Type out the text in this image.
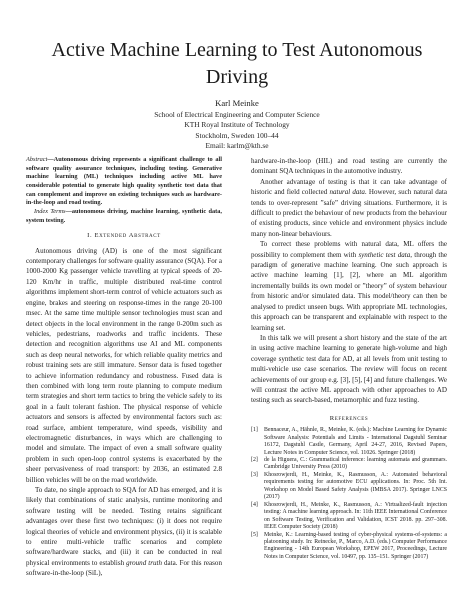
Active Machine Learning to Test Autonomous Driving
Karl Meinke
School of Electrical Engineering and Computer Science
KTH Royal Institute of Technology
Stockholm, Sweden 100–44
Email: karlm@kth.se
Abstract—Autonomous driving represents a significant challenge to all software quality assurance techniques, including testing. Generative machine learning (ML) techniques including active ML have considerable potential to generate high quality synthetic test data that can complement and improve on existing techniques such as hardware-in-the-loop and road testing.
Index Terms—autonomous driving, machine learning, synthetic data, system testing.
I. Extended Abstract

Autonomous driving (AD) is one of the most significant contemporary challenges for software quality assurance (SQA). For a 1000-2000 Kg passenger vehicle travelling at typical speeds of 20-120 Km/hr in traffic, multiple distributed real-time control algorithms implement short-term control of vehicle actuators such as engine, brakes and steering on response-times in the range 20-100 msec. At the same time multiple sensor technologies must scan and detect objects in the local environment in the range 0-200m such as vehicles, pedestrians, roadworks and traffic incidents. These detection and recognition algorithms use AI and ML components such as deep neural networks, for which reliable quality metrics and robust training sets are still immature. Sensor data is fused together to achieve information redundancy and robustness. Fused data is then combined with long term route planning to compute medium term strategies and short term tactics to bring the vehicle safely to its goal in a fault tolerant fashion. The physical response of vehicle actuators and sensors is affected by environmental factors such as: road surface, ambient temperature, wind speeds, visibility and electromagnetic disturbances, in ways which are challenging to model and simulate. The impact of even a small software quality problem in such open-loop control systems is exacerbated by the sheer pervasiveness of road transport: by 2036, an estimated 2.8 billion vehicles will be on the road worldwide.

To date, no single approach to SQA for AD has emerged, and it is likely that combinations of static analysis, runtime monitoring and software testing will be needed. Testing retains significant advantages over these first two techniques: (i) it does not require logical theories of vehicle and environment physics, (ii) it is scalable to entire multi-vehicle traffic scenarios and complete software/hardware stacks, and (iii) it can be conducted in real physical environments to establish ground truth data. For this reason software-in-the-loop (SiL),

hardware-in-the-loop (HIL) and road testing are currently the dominant SQA techniques in the automotive industry.

Another advantage of testing is that it can take advantage of historic and field collected natural data. However, such natural data tends to over-represent ”safe” driving situations. Furthermore, it is difficult to predict the behaviour of new products from the behaviour of existing products, since vehicle and environment physics include many non-linear behaviours.

To correct these problems with natural data, ML offers the possibility to complement them with synthetic test data, through the paradigm of generative machine learning. One such approach is active machine learning [1], [2], where an ML algorithm incrementally builds its own model or ”theory” of system behaviour from historic and/or simulated data. This model/theory can then be analysed to predict unseen bugs. With appropriate ML technologies, this approach can be transparent and explainable with respect to the learning set.

In this talk we will present a short history and the state of the art in using active machine learning to generate high-volume and high coverage synthetic test data for AD, at all levels from unit testing to multi-vehicle use case scenarios. The review will focus on recent achievements of our group e.g. [3], [5], [4] and future challenges. We will contrast the active ML approach with other approaches to AD testing such as search-based, metamorphic and fuzz testing.

References
[1] Bennaceur, A., Hähnle, R., Meinke, K. (eds.): Machine Learning for Dynamic Software Analysis: Potentials and Limits - International Dagstuhl Seminar 16172, Dagstuhl Castle, Germany, April 24-27, 2016, Revised Papers, Lecture Notes in Computer Science, vol. 11026. Springer (2018)
[2] de la Higuera, C.: Grammatical inference: learning automata and grammars. Cambridge University Press (2010)
[3] Khosrowjerdi, H., Meinke, K., Rasmusson, A.: Automated behavioral requirements testing for automotive ECU applications. In: Proc. 5th Int. Workshop on Model Based Safety Analysis (IMBSA 2017). Springer LNCS (2017)
[4] Khosrowjerdi, H., Meinke, K., Rasmusson, A.: Virtualized-fault injection testing: A machine learning approach. In: 11th IEEE International Conference on Software Testing, Verification and Validation, ICST 2018. pp. 297–308. IEEE Computer Society (2018)
[5] Meinke, K.: Learning-based testing of cyber-physical systems-of-systems: a platooning study. In: Reinecke, P., Marco, A.D. (eds.) Computer Performance Engineering - 14th European Workshop, EPEW 2017, Proceedings, Lecture Notes in Computer Science, vol. 10497, pp. 135–151. Springer (2017)
